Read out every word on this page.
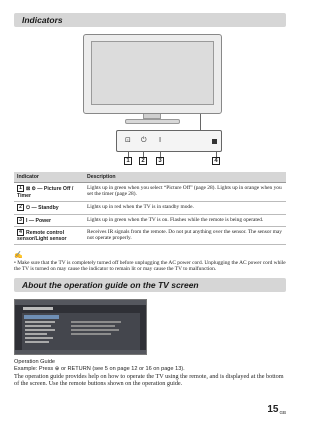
Indicators
⊡ ⏻ I
1	2	3	4
Indicator	Description
1 ⊠ ⏲ — Picture Off / Timer	Lights up in green when you select “Picture Off” (page 28). Lights up in orange when you set the timer (page 28).
2 ⏻ — Standby	Lights up in red when the TV is in standby mode.
3 I — Power	Lights up in green when the TV is on. Flashes while the remote is being operated.
4 Remote control sensor/Light sensor	Receives IR signals from the remote. Do not put anything over the sensor. The sensor may not operate properly.
✍
• Make sure that the TV is completely turned off before unplugging the AC power cord. Unplugging the AC power cord while the TV is turned on may cause the indicator to remain lit or may cause the TV to malfunction.
About the operation guide on the TV screen
Operation Guide
Example: Press ⊕ or RETURN (see 5 on page 12 or 16 on page 13).
The operation guide provides help on how to operate the TV using the remote, and is displayed at the bottom of the screen. Use the remote buttons shown on the operation guide.
15GB
